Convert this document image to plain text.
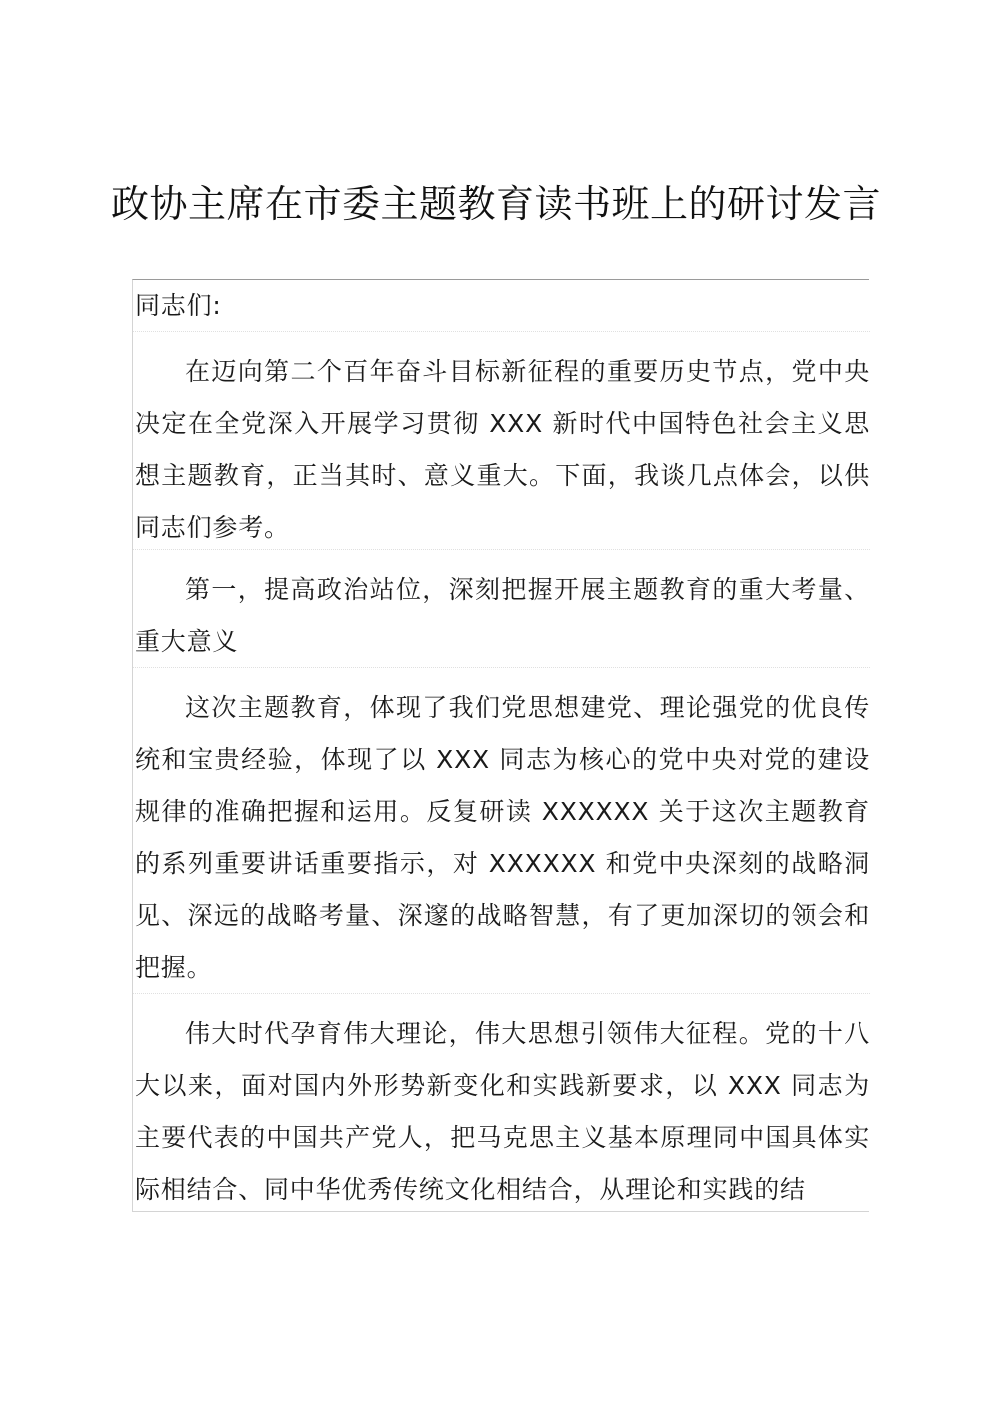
政协主席在市委主题教育读书班上的研讨发言

同志们:

在迈向第二个百年奋斗目标新征程的重要历史节点，党中央决定在全党深入开展学习贯彻 XXX 新时代中国特色社会主义思想主题教育，正当其时、意义重大。下面，我谈几点体会，以供同志们参考。

第一，提高政治站位，深刻把握开展主题教育的重大考量、重大意义

这次主题教育，体现了我们党思想建党、理论强党的优良传统和宝贵经验，体现了以 XXX 同志为核心的党中央对党的建设规律的准确把握和运用。反复研读 XXXXXX 关于这次主题教育的系列重要讲话重要指示，对 XXXXXX 和党中央深刻的战略洞见、深远的战略考量、深邃的战略智慧，有了更加深切的领会和把握。

伟大时代孕育伟大理论，伟大思想引领伟大征程。党的十八大以来，面对国内外形势新变化和实践新要求，以 XXX 同志为主要代表的中国共产党人，把马克思主义基本原理同中国具体实际相结合、同中华优秀传统文化相结合，从理论和实践的结
